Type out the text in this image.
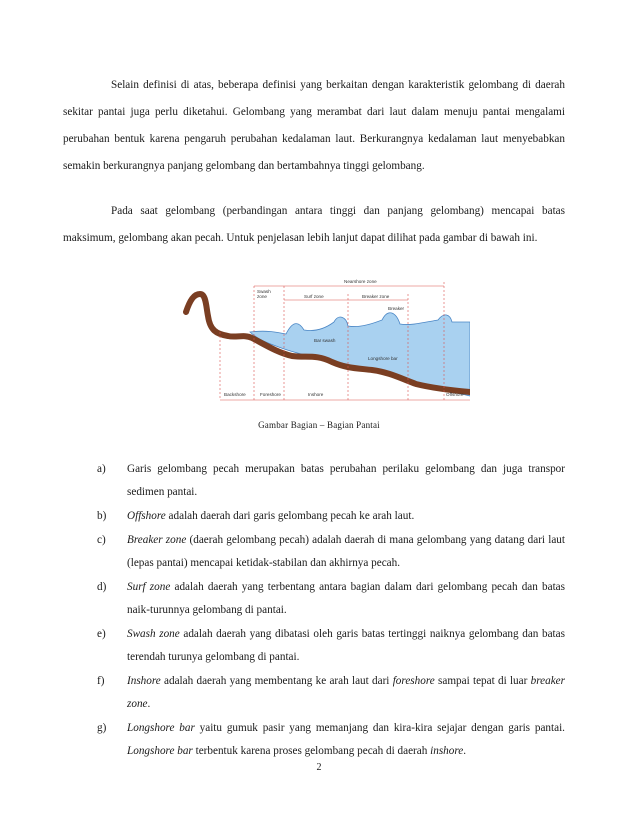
Selain definisi di atas, beberapa definisi yang berkaitan dengan karakteristik gelombang di daerah sekitar pantai juga perlu diketahui. Gelombang yang merambat dari laut dalam menuju pantai mengalami perubahan bentuk karena pengaruh perubahan kedalaman laut. Berkurangnya kedalaman laut menyebabkan semakin berkurangnya panjang gelombang dan bertambahnya tinggi gelombang.

Pada saat gelombang (perbandingan antara tinggi dan panjang gelombang) mencapai batas maksimum, gelombang akan pecah. Untuk penjelasan lebih lanjut dapat dilihat pada gambar di bawah ini.

Nearshore zone
Swash
zone	Surf zone	Breaker zone
Breaker
Bar swash
Longshore bar
Backshore	Foreshore	Inshore	Offshore
Gambar Bagian – Bagian Pantai
a) Garis gelombang pecah merupakan batas perubahan perilaku gelombang dan juga transpor sedimen pantai.
b) Offshore adalah daerah dari garis gelombang pecah ke arah laut.
c) Breaker zone (daerah gelombang pecah) adalah daerah di mana gelombang yang datang dari laut (lepas pantai) mencapai ketidak-stabilan dan akhirnya pecah.
d) Surf zone adalah daerah yang terbentang antara bagian dalam dari gelombang pecah dan batas naik-turunnya gelombang di pantai.
e) Swash zone adalah daerah yang dibatasi oleh garis batas tertinggi naiknya gelombang dan batas terendah turunya gelombang di pantai.
f) Inshore adalah daerah yang membentang ke arah laut dari foreshore sampai tepat di luar breaker zone.
g) Longshore bar yaitu gumuk pasir yang memanjang dan kira-kira sejajar dengan garis pantai. Longshore bar terbentuk karena proses gelombang pecah di daerah inshore.
2
